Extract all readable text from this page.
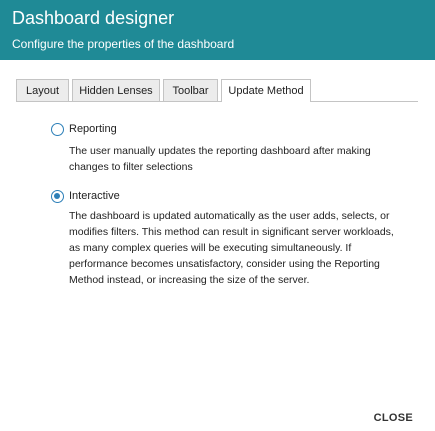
Dashboard designer
Configure the properties of the dashboard
Layout	Hidden Lenses	Toolbar	Update Method
Reporting
The user manually updates the reporting dashboard after making changes to filter selections
Interactive
The dashboard is updated automatically as the user adds, selects, or modifies filters. This method can result in significant server workloads, as many complex queries will be executing simultaneously. If performance becomes unsatisfactory, consider using the Reporting Method instead, or increasing the size of the server.
CLOSE
